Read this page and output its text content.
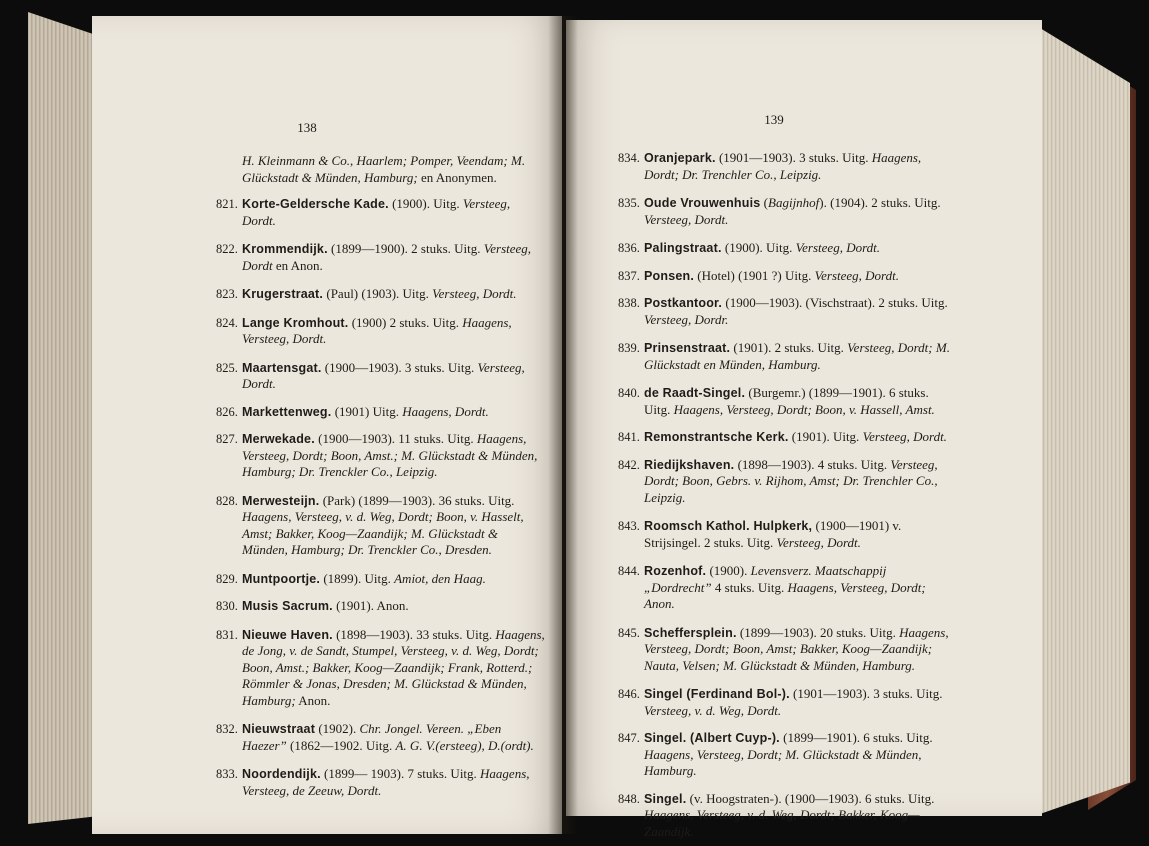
138
H. Kleinmann & Co., Haarlem; Pomper, Veendam; M. Glückstadt & Münden, Hamburg; en Anonymen.
821. Korte-Geldersche Kade. (1900). Uitg. Versteeg, Dordt.
822. Krommendijk. (1899—1900). 2 stuks. Uitg. Versteeg, Dordt en Anon.
823. Krugerstraat. (Paul) (1903). Uitg. Versteeg, Dordt.
824. Lange Kromhout. (1900) 2 stuks. Uitg. Haagens, Versteeg, Dordt.
825. Maartensgat. (1900—1903). 3 stuks. Uitg. Versteeg, Dordt.
826. Markettenweg. (1901) Uitg. Haagens, Dordt.
827. Merwekade. (1900—1903). 11 stuks. Uitg. Haagens, Versteeg, Dordt; Boon, Amst.; M. Glückstadt & Münden, Hamburg; Dr. Trenckler Co., Leipzig.
828. Merwesteijn. (Park) (1899—1903). 36 stuks. Uitg. Haagens, Versteeg, v. d. Weg, Dordt; Boon, v. Hasselt, Amst; Bakker, Koog—Zaandijk; M. Glückstadt & Münden, Hamburg; Dr. Trenckler Co., Dresden.
829. Muntpoortje. (1899). Uitg. Amiot, den Haag.
830. Musis Sacrum. (1901). Anon.
831. Nieuwe Haven. (1898—1903). 33 stuks. Uitg. Haagens, de Jong, v. de Sandt, Stumpel, Versteeg, v. d. Weg, Dordt; Boon, Amst.; Bakker, Koog—Zaandijk; Frank, Rotterd.; Römmler & Jonas, Dresden; M. Glückstad & Münden, Hamburg; Anon.
832. Nieuwstraat (1902). Chr. Jongel. Vereen. „Eben Haezer” (1862—1902. Uitg. A. G. V.(ersteeg), D.(ordt).
833. Noordendijk. (1899— 1903). 7 stuks. Uitg. Haagens, Versteeg, de Zeeuw, Dordt.
139
834. Oranjepark. (1901—1903). 3 stuks. Uitg. Haagens, Dordt; Dr. Trenchler Co., Leipzig.
835. Oude Vrouwenhuis (Bagijnhof). (1904). 2 stuks. Uitg. Versteeg, Dordt.
836. Palingstraat. (1900). Uitg. Versteeg, Dordt.
837. Ponsen. (Hotel) (1901 ?) Uitg. Versteeg, Dordt.
838. Postkantoor. (1900—1903). (Vischstraat). 2 stuks. Uitg. Versteeg, Dordr.
839. Prinsenstraat. (1901). 2 stuks. Uitg. Versteeg, Dordt; M. Glückstadt en Münden, Hamburg.
840. de Raadt-Singel. (Burgemr.) (1899—1901). 6 stuks. Uitg. Haagens, Versteeg, Dordt; Boon, v. Hassell, Amst.
841. Remonstrantsche Kerk. (1901). Uitg. Versteeg, Dordt.
842. Riedijkshaven. (1898—1903). 4 stuks. Uitg. Versteeg, Dordt; Boon, Gebrs. v. Rijhom, Amst; Dr. Trenchler Co., Leipzig.
843. Roomsch Kathol. Hulpkerk, (1900—1901) v. Strijsingel. 2 stuks. Uitg. Versteeg, Dordt.
844. Rozenhof. (1900). Levensverz. Maatschappij „Dordrecht” 4 stuks. Uitg. Haagens, Versteeg, Dordt; Anon.
845. Scheffersplein. (1899—1903). 20 stuks. Uitg. Haagens, Versteeg, Dordt; Boon, Amst; Bakker, Koog—Zaandijk; Nauta, Velsen; M. Glückstadt & Münden, Hamburg.
846. Singel (Ferdinand Bol-). (1901—1903). 3 stuks. Uitg. Versteeg, v. d. Weg, Dordt.
847. Singel. (Albert Cuyp-). (1899—1901). 6 stuks. Uitg. Haagens, Versteeg, Dordt; M. Glückstadt & Münden, Hamburg.
848. Singel. (v. Hoogstraten-). (1900—1903). 6 stuks. Uitg. Haagens, Versteeg, v. d. Weg, Dordt; Bakker, Koog—Zaandijk.
